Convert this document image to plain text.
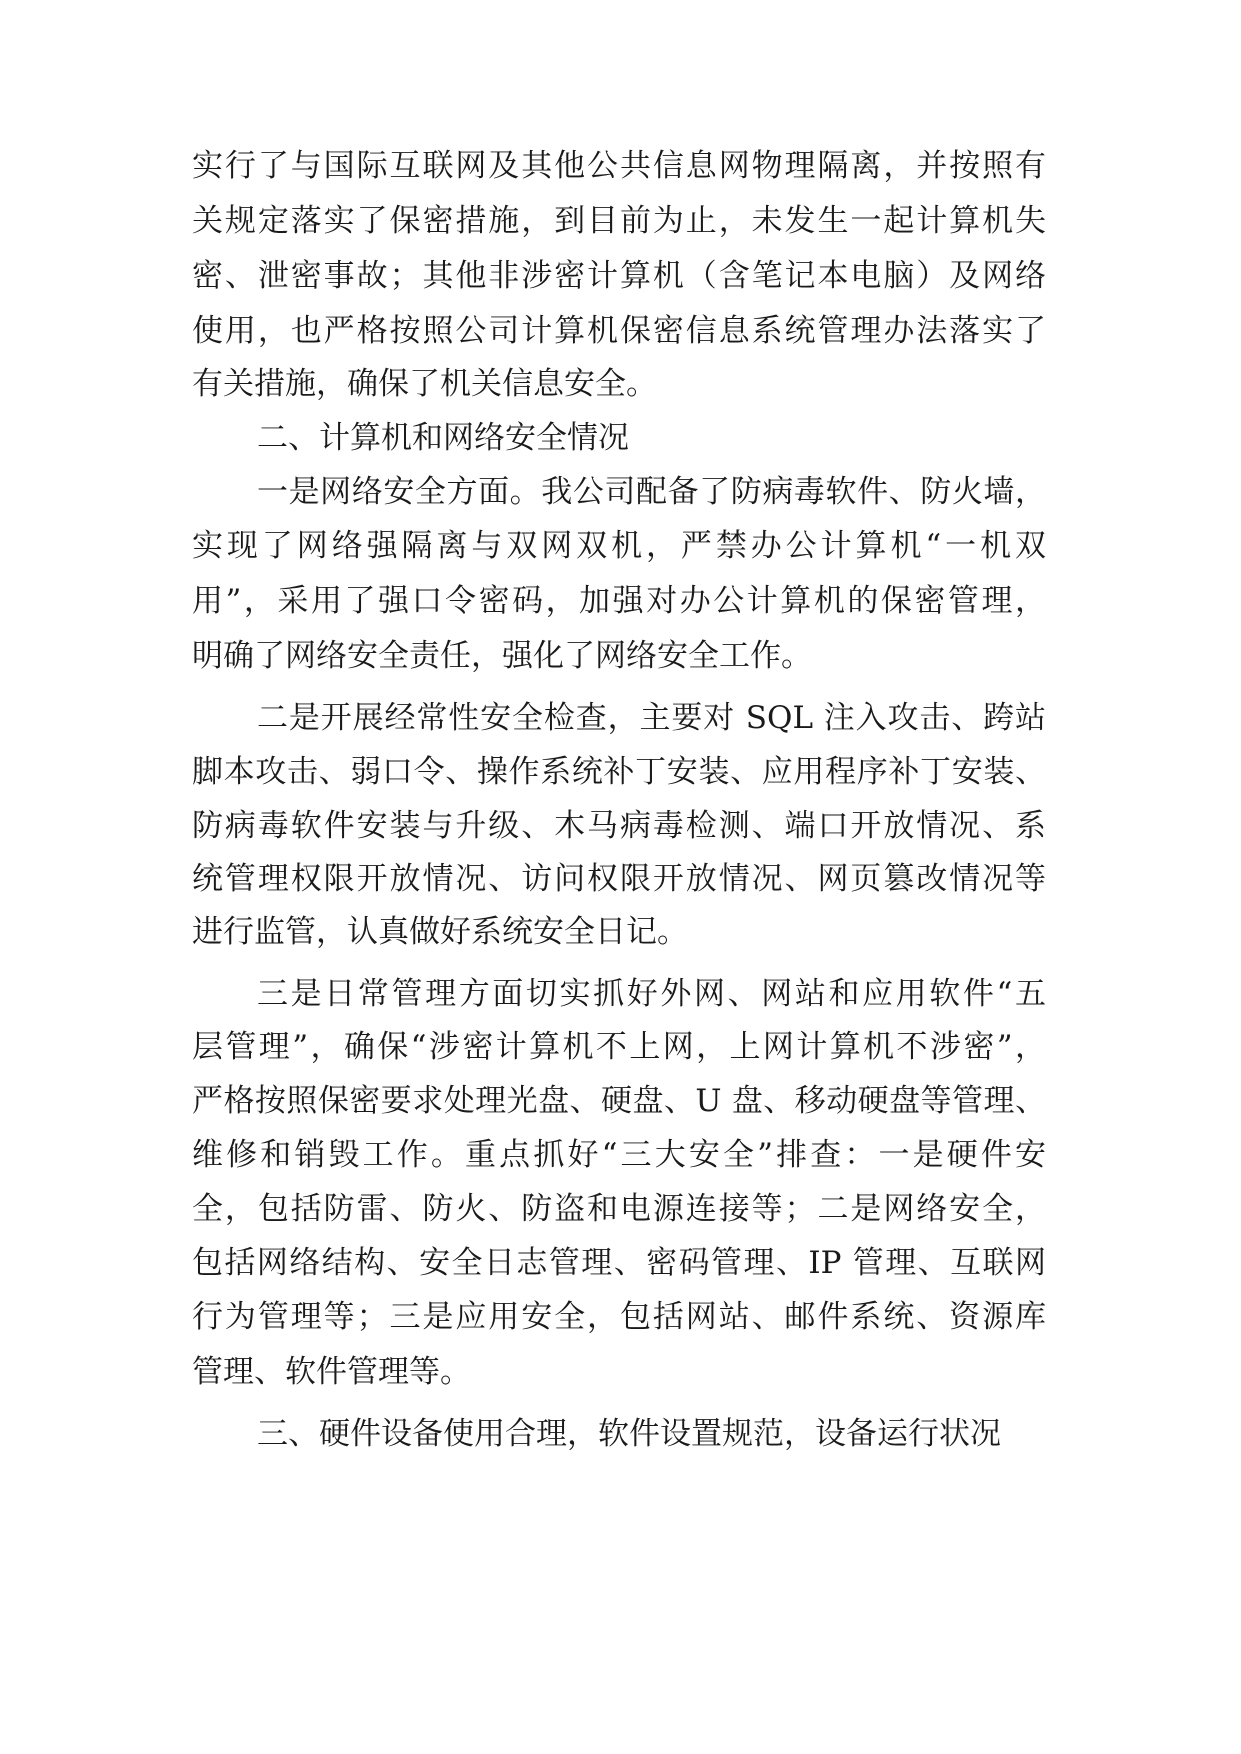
实行了与国际互联网及其他公共信息网物理隔离，并按照有
关规定落实了保密措施，到目前为止，未发生一起计算机失
密、泄密事故；其他非涉密计算机（含笔记本电脑）及网络
使用，也严格按照公司计算机保密信息系统管理办法落实了
有关措施，确保了机关信息安全。
二、计算机和网络安全情况
一是网络安全方面。我公司配备了防病毒软件、防火墙，
实现了网络强隔离与双网双机，严禁办公计算机“一机双
用”，采用了强口令密码，加强对办公计算机的保密管理，
明确了网络安全责任，强化了网络安全工作。
二是开展经常性安全检查，主要对 SQL 注入攻击、跨站
脚本攻击、弱口令、操作系统补丁安装、应用程序补丁安装、
防病毒软件安装与升级、木马病毒检测、端口开放情况、系
统管理权限开放情况、访问权限开放情况、网页篡改情况等
进行监管，认真做好系统安全日记。
三是日常管理方面切实抓好外网、网站和应用软件“五
层管理”，确保“涉密计算机不上网，上网计算机不涉密”，
严格按照保密要求处理光盘、硬盘、U 盘、移动硬盘等管理、
维修和销毁工作。重点抓好“三大安全”排查：一是硬件安
全，包括防雷、防火、防盗和电源连接等；二是网络安全，
包括网络结构、安全日志管理、密码管理、IP 管理、互联网
行为管理等；三是应用安全，包括网站、邮件系统、资源库
管理、软件管理等。
三、硬件设备使用合理，软件设置规范，设备运行状况
